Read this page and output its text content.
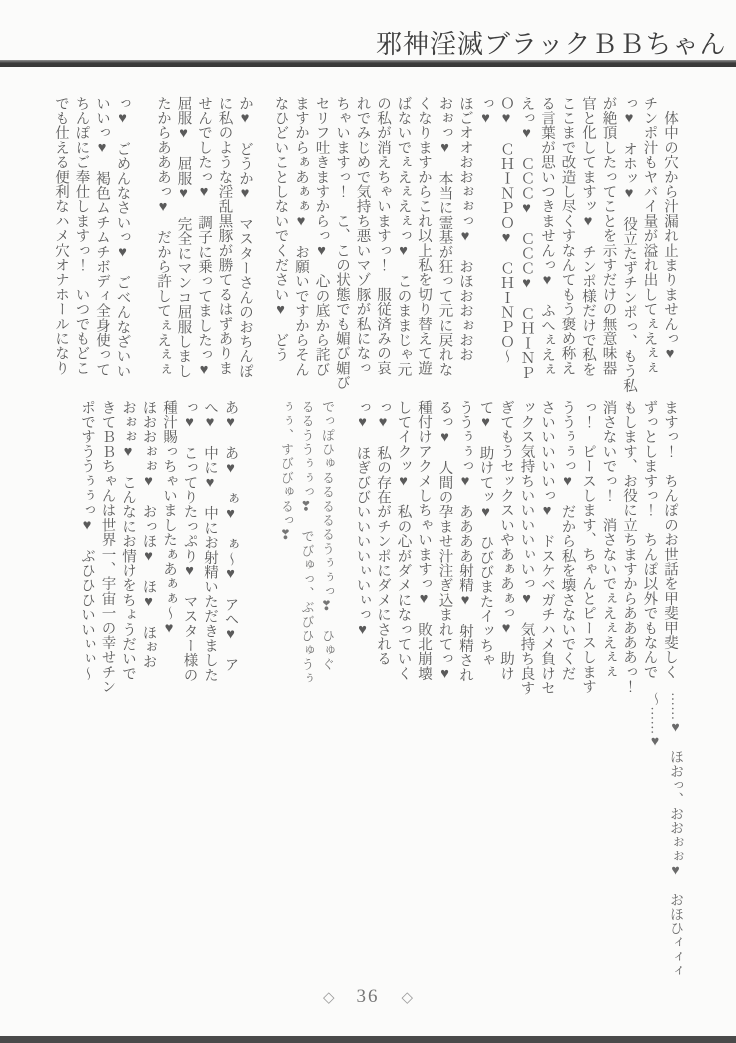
邪神淫滅ブラックＢＢちゃん
　体中の穴から汁漏れ止まりませんっ♥
チンポ汁もヤバイ量が溢れ出してぇえぇぇ
っ♥　オホッ♥　役立たずチンポっ、もう私
が絶頂したってことを示すだけの無意味器
官と化してますッ♥　チンポ様だけで私を
ここまで改造し尽くすなんてもう褒め称え
る言葉が思いつきませんっ♥　ふへぇえぇ
えっ♥　ＣＣＣ♥　ＣＣＣ♥　ＣＨＩＮＰ
Ｏ♥　ＣＨＩＮＰＯ♥　ＣＨＩＮＰＯ〜
っ♥
ほごオオおおぉぉっ♥　おほおおぉおお
おぉっ♥　本当に霊基が狂って元に戻れな
くなりますからこれ以上私を切り替えて遊
ばないでぇえぇえぇっ♥　このままじゃ元
の私が消えちゃいますっ！　服従済みの哀
れでみじめで気持ち悪いマゾ豚が私になっ
ちゃいますっ！　こ、この状態でも媚び媚び
セリフ吐きますからっ♥　心の底から詫び
ますからぁあぁぁ♥　お願いですからそん
なひどいことしないでください♥　どう
か♥　どうか♥　マスターさんのおちんぽ
に私のような淫乱黒豚が勝てるはずありま
せんでしたっ♥　調子に乗ってましたっ♥
屈服♥　屈服♥　完全にマンコ屈服しまし
たからあああっ♥　だから許してぇえぇぇ
っ♥　ごめんなさいっ♥　ごべんなざいい
いいっ♥　褐色ムチムチボディ全身使って
ちんぽにご奉仕しますっ！　いつでもどこ
でも仕える便利なハメ穴オナホールになり
ますっ！　ちんぽのお世話を甲斐甲斐しく
ずっとしますっ！　ちんぽ以外でもなんで
もします、お役に立ちますからああああっ！
消さないでっ！　消さないでぇえぇえぇぇ
っ！　ピースします、ちゃんとピースします
ううぅぅっ♥　だから私を壊さないでくだ
さいいいいいっ♥　ドスケベガチハメ負けセ
ックス気持ちいいいいぃいっ♥　気持ち良す
ぎてもうセックスいやあぁあぁっ♥　助け
て♥　助けてッ♥　ひびびまたイッちゃ
ううぅぅっ♥　ああああ射精♥　射精され
るっ♥　人間の孕ませ汁注ぎ込まれてっ♥
種付けアクメしちゃいますっ♥　敗北崩壊
してイクッ♥　私の心がダメになっていく
っ♥　私の存在がチンポにダメにされる
っ♥　ほぎびびいいいいぃいぃっ♥
でっぽひゅるるるるるうぅぅっ❣　ひゅぐ
るるううぅぅっ❣　でびゅっ、ぶびひゅうぅ
ぅぅ、すびびゅるっ❣
あ♥　あ♥　ぁ♥　ぁ〜♥　アヘ♥　ア
へ♥　中に♥　中にお射精いただきました
っ♥　こってりたっぷり♥　マスター様の
種汁賜っちゃいましたぁあぁぁ〜♥
ほおおぉぉ♥　おっほ♥　ほ♥　ほぉお
おぉぉ♥　こんなにお情けをちょうだいで
きてＢＢちゃんは世界一、宇宙一の幸せチン
ポですううぅぅっ♥　ぶひひひいいぃぃ〜
……♥　ほおっ、おおぉぉ♥　おほひィィィ
〜……♥
◇ 36 ◇
